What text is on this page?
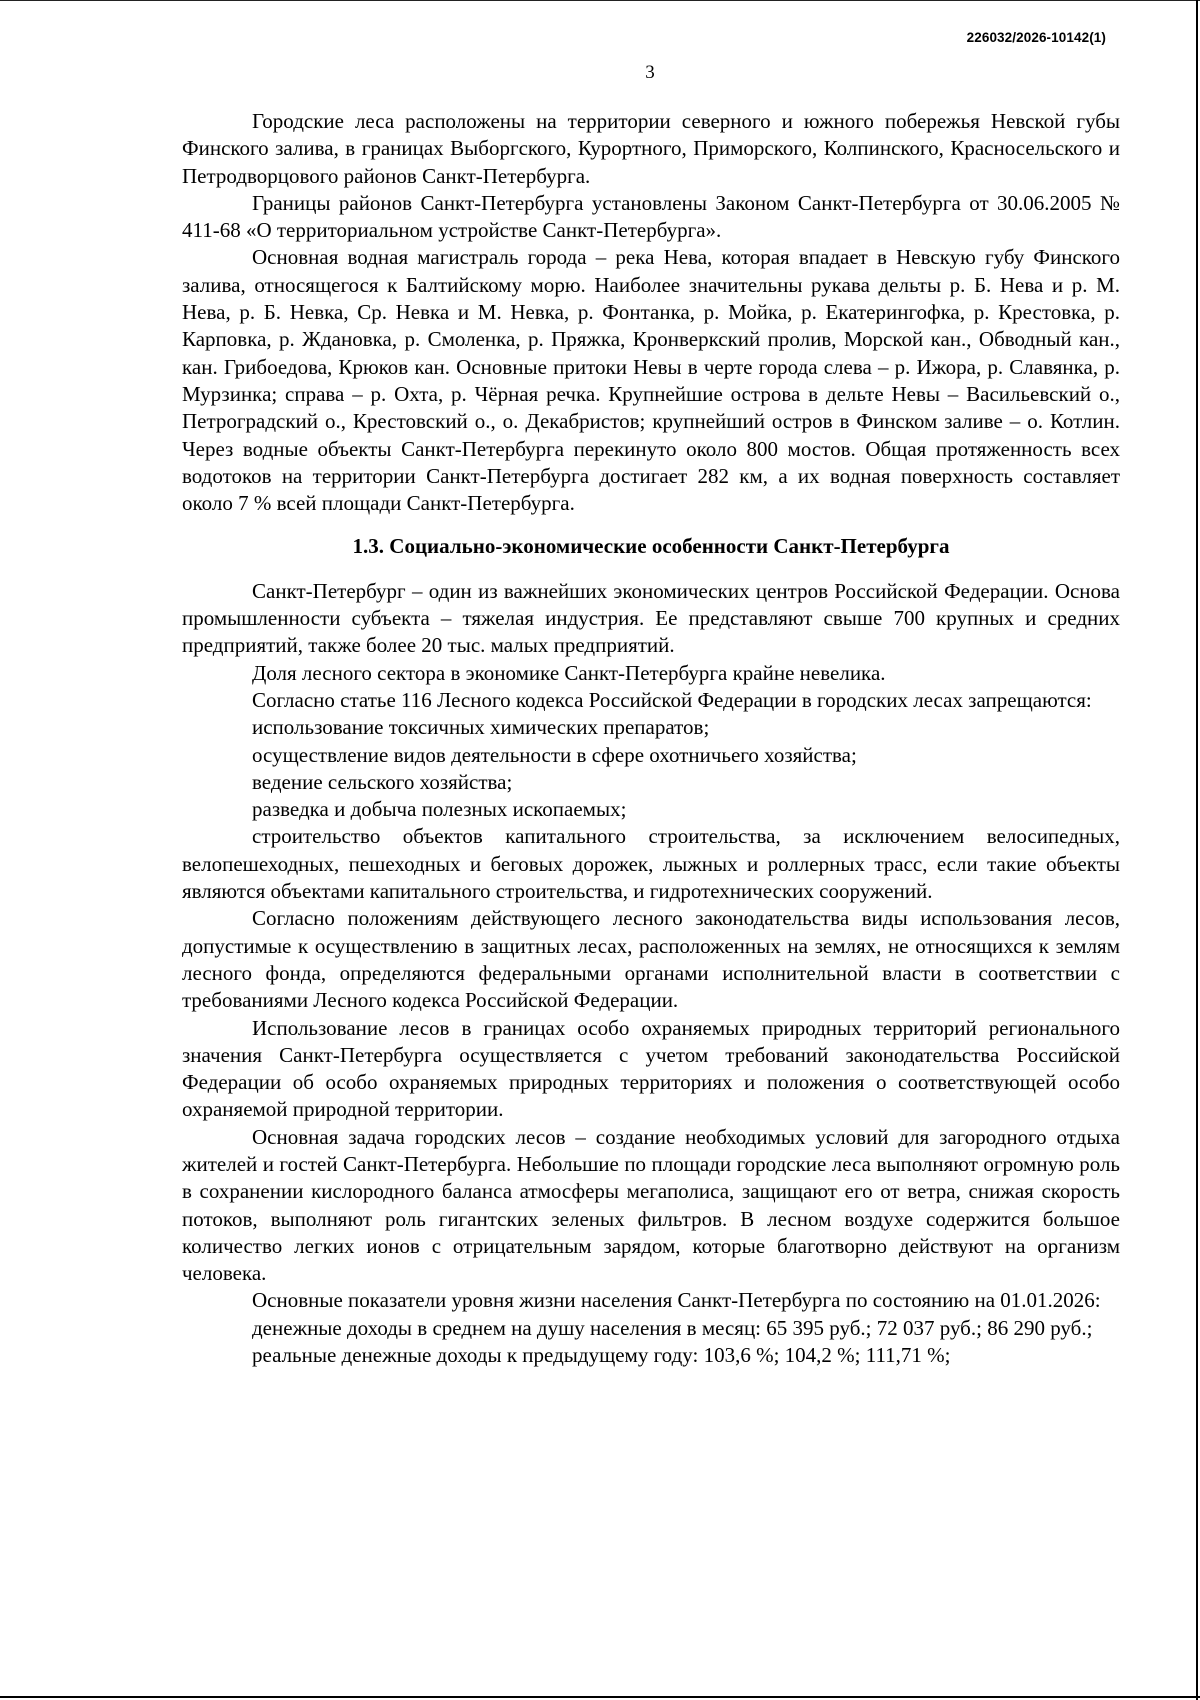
226032/2026-10142(1)
3

Городские леса расположены на территории северного и южного побережья Невской губы Финского залива, в границах Выборгского, Курортного, Приморского, Колпинского, Красносельского и Петродворцового районов Санкт-Петербурга.

Границы районов Санкт-Петербурга установлены Законом Санкт-Петербурга от 30.06.2005 № 411-68 «О территориальном устройстве Санкт-Петербурга».

Основная водная магистраль города – река Нева, которая впадает в Невскую губу Финского залива, относящегося к Балтийскому морю. Наиболее значительны рукава дельты р. Б. Нева и р. М. Нева, р. Б. Невка, Ср. Невка и М. Невка, р. Фонтанка, р. Мойка, р. Екатерингофка, р. Крестовка, р. Карповка, р. Ждановка, р. Смоленка, р. Пряжка, Кронверкский пролив, Морской кан., Обводный кан., кан. Грибоедова, Крюков кан. Основные притоки Невы в черте города слева – р. Ижора, р. Славянка, р. Мурзинка; справа – р. Охта, р. Чёрная речка. Крупнейшие острова в дельте Невы – Васильевский о., Петроградский о., Крестовский о., о. Декабристов; крупнейший остров в Финском заливе – о. Котлин. Через водные объекты Санкт-Петербурга перекинуто около 800 мостов. Общая протяженность всех водотоков на территории Санкт-Петербурга достигает 282 км, а их водная поверхность составляет около 7 % всей площади Санкт-Петербурга.

1.3. Социально-экономические особенности Санкт-Петербурга

Санкт-Петербург – один из важнейших экономических центров Российской Федерации. Основа промышленности субъекта – тяжелая индустрия. Ее представляют свыше 700 крупных и средних предприятий, также более 20 тыс. малых предприятий.

Доля лесного сектора в экономике Санкт-Петербурга крайне невелика.

Согласно статье 116 Лесного кодекса Российской Федерации в городских лесах запрещаются:

использование токсичных химических препаратов;

осуществление видов деятельности в сфере охотничьего хозяйства;

ведение сельского хозяйства;

разведка и добыча полезных ископаемых;

строительство объектов капитального строительства, за исключением велосипедных, велопешеходных, пешеходных и беговых дорожек, лыжных и роллерных трасс, если такие объекты являются объектами капитального строительства, и гидротехнических сооружений.

Согласно положениям действующего лесного законодательства виды использования лесов, допустимые к осуществлению в защитных лесах, расположенных на землях, не относящихся к землям лесного фонда, определяются федеральными органами исполнительной власти в соответствии с требованиями Лесного кодекса Российской Федерации.

Использование лесов в границах особо охраняемых природных территорий регионального значения Санкт-Петербурга осуществляется с учетом требований законодательства Российской Федерации об особо охраняемых природных территориях и положения о соответствующей особо охраняемой природной территории.

Основная задача городских лесов – создание необходимых условий для загородного отдыха жителей и гостей Санкт-Петербурга. Небольшие по площади городские леса выполняют огромную роль в сохранении кислородного баланса атмосферы мегаполиса, защищают его от ветра, снижая скорость потоков, выполняют роль гигантских зеленых фильтров. В лесном воздухе содержится большое количество легких ионов с отрицательным зарядом, которые благотворно действуют на организм человека.

Основные показатели уровня жизни населения Санкт-Петербурга по состоянию на 01.01.2026:

денежные доходы в среднем на душу населения в месяц: 65 395 руб.; 72 037 руб.; 86 290 руб.;

реальные денежные доходы к предыдущему году: 103,6 %; 104,2 %; 111,71 %;
